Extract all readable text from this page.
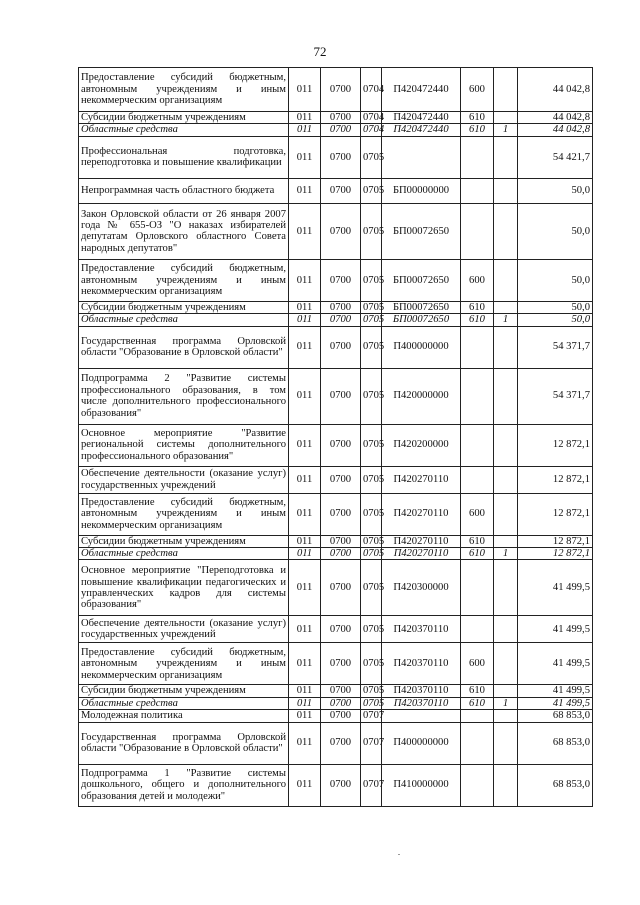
72
Предоставление субсидий бюджетным, автономным учреждениям и иным некоммерческим организациям	011	0700	0704	П420472440	600		44 042,8
Субсидии бюджетным учреждениям	011	0700	0704	П420472440	610		44 042,8
Областные средства	011	0700	0704	П420472440	610	1	44 042,8
Профессиональная подготовка, переподготовка и повышение квалификации	011	0700	0705				54 421,7
Непрограммная часть областного бюджета	011	0700	0705	БП00000000			50,0
Закон Орловской области от 26 января 2007 года № 655-ОЗ "О наказах избирателей депутатам Орловского областного Совета народных депутатов"	011	0700	0705	БП00072650			50,0
Предоставление субсидий бюджетным, автономным учреждениям и иным некоммерческим организациям	011	0700	0705	БП00072650	600		50,0
Субсидии бюджетным учреждениям	011	0700	0705	БП00072650	610		50,0
Областные средства	011	0700	0705	БП00072650	610	1	50,0
Государственная программа Орловской области "Образование в Орловской области"	011	0700	0705	П400000000			54 371,7
Подпрограмма 2 "Развитие системы профессионального образования, в том числе дополнительного профессионального образования"	011	0700	0705	П420000000			54 371,7
Основное мероприятие "Развитие региональной системы дополнительного профессионального образования"	011	0700	0705	П420200000			12 872,1
Обеспечение деятельности (оказание услуг) государственных учреждений	011	0700	0705	П420270110			12 872,1
Предоставление субсидий бюджетным, автономным учреждениям и иным некоммерческим организациям	011	0700	0705	П420270110	600		12 872,1
Субсидии бюджетным учреждениям	011	0700	0705	П420270110	610		12 872,1
Областные средства	011	0700	0705	П420270110	610	1	12 872,1
Основное мероприятие "Переподготовка и повышение квалификации педагогических и управленческих кадров для системы образования"	011	0700	0705	П420300000			41 499,5
Обеспечение деятельности (оказание услуг) государственных учреждений	011	0700	0705	П420370110			41 499,5
Предоставление субсидий бюджетным, автономным учреждениям и иным некоммерческим организациям	011	0700	0705	П420370110	600		41 499,5
Субсидии бюджетным учреждениям	011	0700	0705	П420370110	610		41 499,5
Областные средства	011	0700	0705	П420370110	610	1	41 499,5
Молодежная политика	011	0700	0707				68 853,0
Государственная программа Орловской области "Образование в Орловской области"	011	0700	0707	П400000000			68 853,0
Подпрограмма 1 "Развитие системы дошкольного, общего и дополнительного образования детей и молодежи"	011	0700	0707	П410000000			68 853,0
